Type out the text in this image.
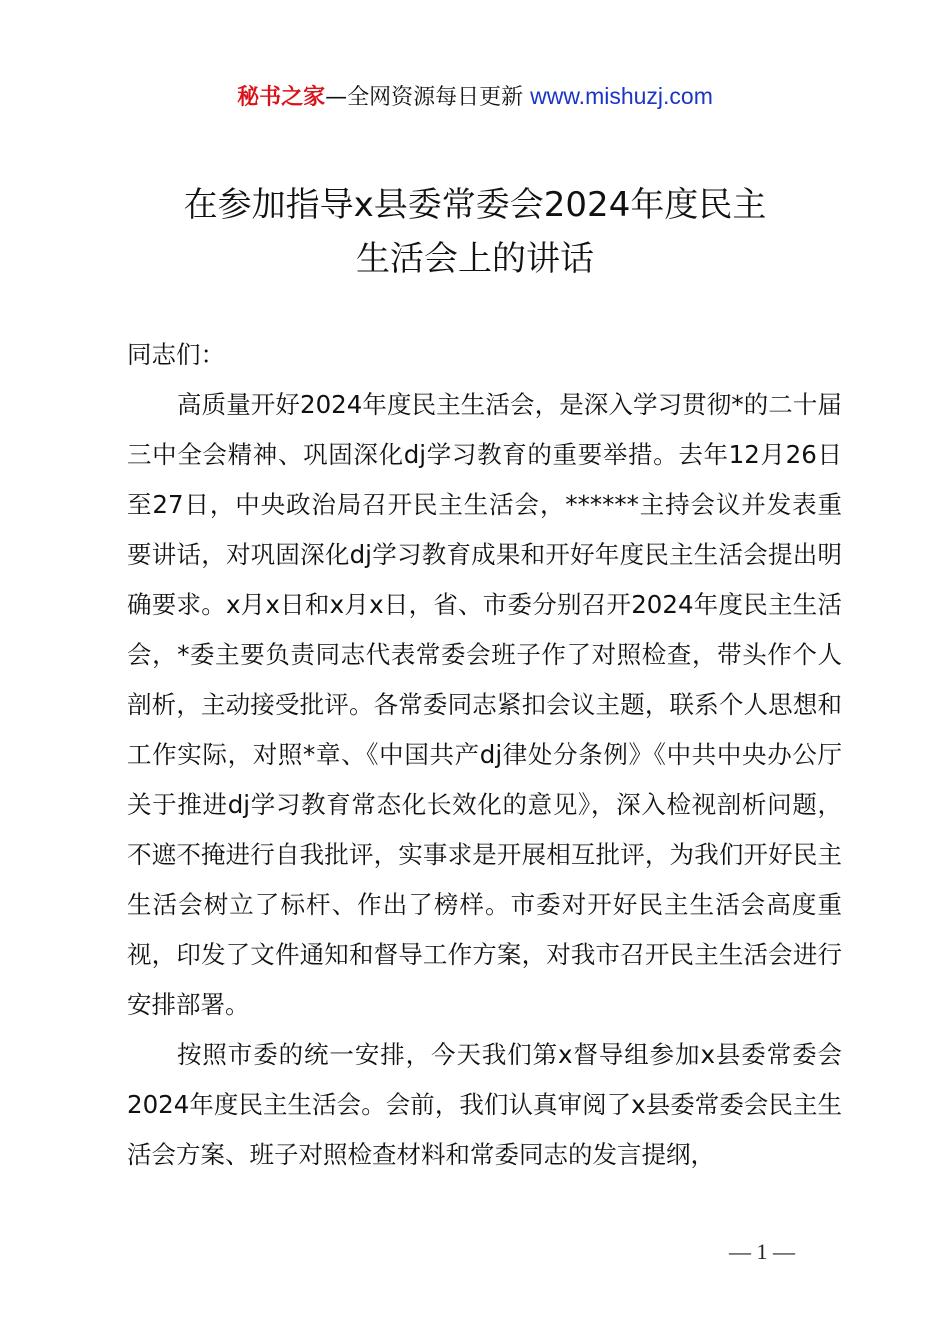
秘书之家—全网资源每日更新 www.mishuzj.com
在参加指导x县委常委会2024年度民主
生活会上的讲话

同志们：

高质量开好2024年度民主生活会，是深入学习贯彻*的二十届三中全会精神、巩固深化dj学习教育的重要举措。去年12月26日至27日，中央政治局召开民主生活会，******主持会议并发表重要讲话，对巩固深化dj学习教育成果和开好年度民主生活会提出明确要求。x月x日和x月x日，省、市委分别召开2024年度民主生活会，*委主要负责同志代表常委会班子作了对照检查，带头作个人剖析，主动接受批评。各常委同志紧扣会议主题，联系个人思想和工作实际，对照*章、《中国共产dj律处分条例》《中共中央办公厅关于推进dj学习教育常态化长效化的意见》，深入检视剖析问题，不遮不掩进行自我批评，实事求是开展相互批评，为我们开好民主生活会树立了标杆、作出了榜样。市委对开好民主生活会高度重视，印发了文件通知和督导工作方案，对我市召开民主生活会进行安排部署。

按照市委的统一安排，今天我们第x督导组参加x县委常委会2024年度民主生活会。会前，我们认真审阅了x县委常委会民主生活会方案、班子对照检查材料和常委同志的发言提纲，

— 1 —
